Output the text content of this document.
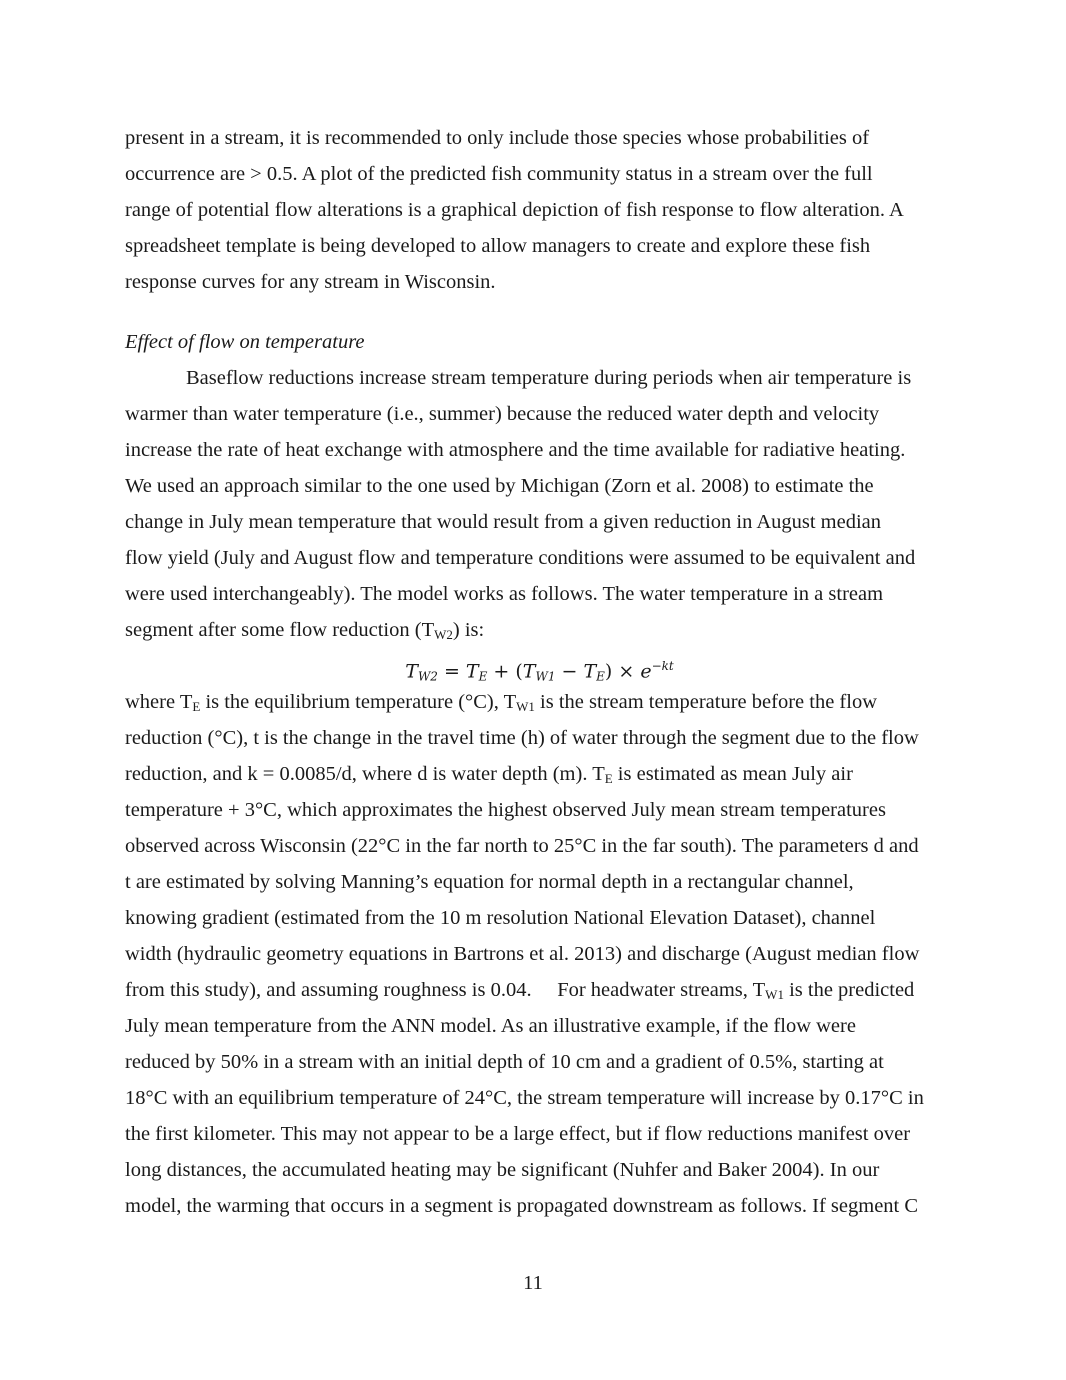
present in a stream, it is recommended to only include those species whose probabilities of
occurrence are > 0.5. A plot of the predicted fish community status in a stream over the full
range of potential flow alterations is a graphical depiction of fish response to flow alteration. A
spreadsheet template is being developed to allow managers to create and explore these fish
response curves for any stream in Wisconsin.
Effect of flow on temperature
Baseflow reductions increase stream temperature during periods when air temperature is
warmer than water temperature (i.e., summer) because the reduced water depth and velocity
increase the rate of heat exchange with atmosphere and the time available for radiative heating.
We used an approach similar to the one used by Michigan (Zorn et al. 2008) to estimate the
change in July mean temperature that would result from a given reduction in August median
flow yield (July and August flow and temperature conditions were assumed to be equivalent and
were used interchangeably). The model works as follows. The water temperature in a stream
segment after some flow reduction $(T_{W2})$ is:
$T_{W2} = T_E + (T_{W1} - T_E) \times e^{-kt}$
where $T_E$ is the equilibrium temperature (°C), $T_{W1}$ is the stream temperature before the flow
reduction (°C), t is the change in the travel time (h) of water through the segment due to the flow
reduction, and k = 0.0085/d, where d is water depth (m). $T_E$ is estimated as mean July air
temperature + 3°C, which approximates the highest observed July mean stream temperatures
observed across Wisconsin (22°C in the far north to 25°C in the far south). The parameters d and
t are estimated by solving Manning’s equation for normal depth in a rectangular channel,
knowing gradient (estimated from the 10 m resolution National Elevation Dataset), channel
width (hydraulic geometry equations in Bartrons et al. 2013) and discharge (August median flow
from this study), and assuming roughness is 0.04.     For headwater streams, $T_{W1}$ is the predicted
July mean temperature from the ANN model. As an illustrative example, if the flow were
reduced by 50% in a stream with an initial depth of 10 cm and a gradient of 0.5%, starting at
18°C with an equilibrium temperature of 24°C, the stream temperature will increase by 0.17°C in
the first kilometer. This may not appear to be a large effect, but if flow reductions manifest over
long distances, the accumulated heating may be significant (Nuhfer and Baker 2004). In our
model, the warming that occurs in a segment is propagated downstream as follows. If segment C
11
